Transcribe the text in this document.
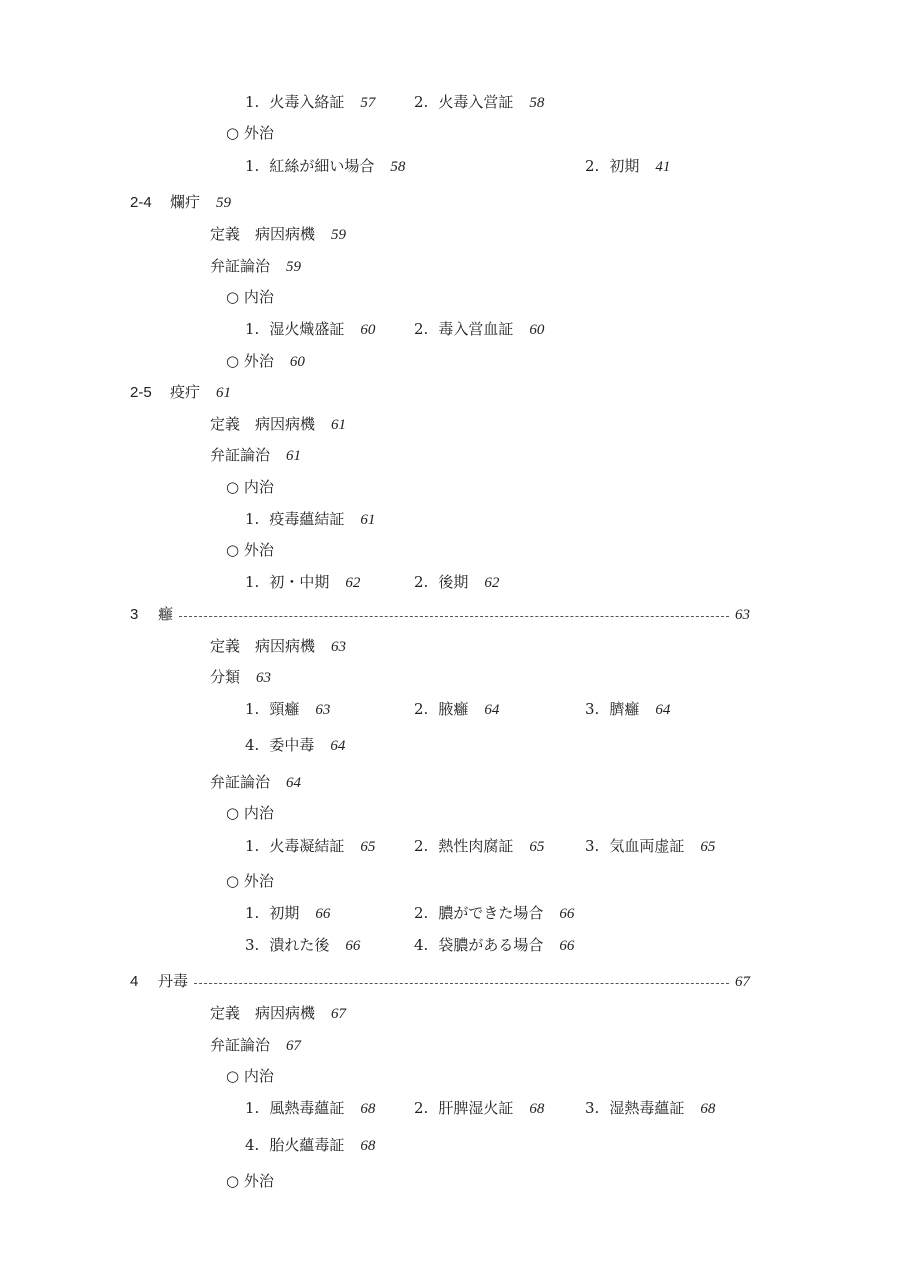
1. 火毒入絡証 57	2. 火毒入営証 58
○ 外治
1. 紅絲が細い場合 58	2. 初期 41
2-4 爛疔 59
定義　病因病機 59
弁証論治 59
○ 内治
1. 湿火熾盛証 60	2. 毒入営血証 60
○ 外治 60
2-5 疫疔 61
定義　病因病機 61
弁証論治 61
○ 内治
1. 疫毒蘊結証 61
○ 外治
1. 初・中期 62	2. 後期 62
3	癰	63
定義　病因病機 63
分類 63
1. 頸癰 63	2. 腋癰 64	3. 臍癰 64
4. 委中毒 64
弁証論治 64
○ 内治
1. 火毒凝結証 65	2. 熱性肉腐証 65	3. 気血両虚証 65
○ 外治
1. 初期 66	2. 膿ができた場合 66
3. 潰れた後 66	4. 袋膿がある場合 66
4	丹毒	67
定義　病因病機 67
弁証論治 67
○ 内治
1. 風熱毒蘊証 68	2. 肝脾湿火証 68	3. 湿熱毒蘊証 68
4. 胎火蘊毒証 68
○ 外治
